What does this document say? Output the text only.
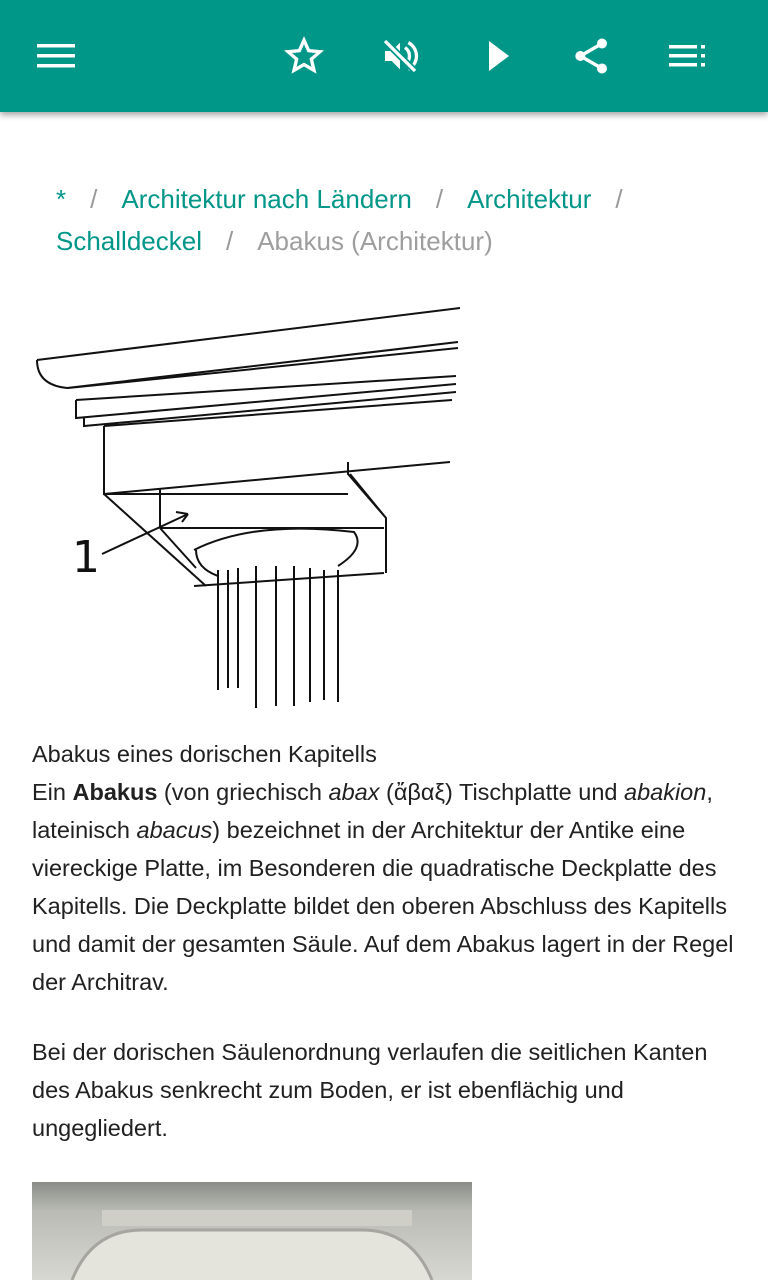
* / Architektur nach Ländern / Architektur /
Schalldeckel / Abakus (Architektur)
1
Abakus eines dorischen Kapitells

Ein Abakus (von griechisch abax (ἄβαξ) Tischplatte und abakion, lateinisch abacus) bezeichnet in der Architektur der Antike eine viereckige Platte, im Besonderen die quadratische Deckplatte des Kapitells. Die Deckplatte bildet den oberen Abschluss des Kapitells und damit der gesamten Säule. Auf dem Abakus lagert in der Regel der Architrav.

Bei der dorischen Säulenordnung verlaufen die seitlichen Kanten des Abakus senkrecht zum Boden, er ist ebenflächig und ungegliedert.
